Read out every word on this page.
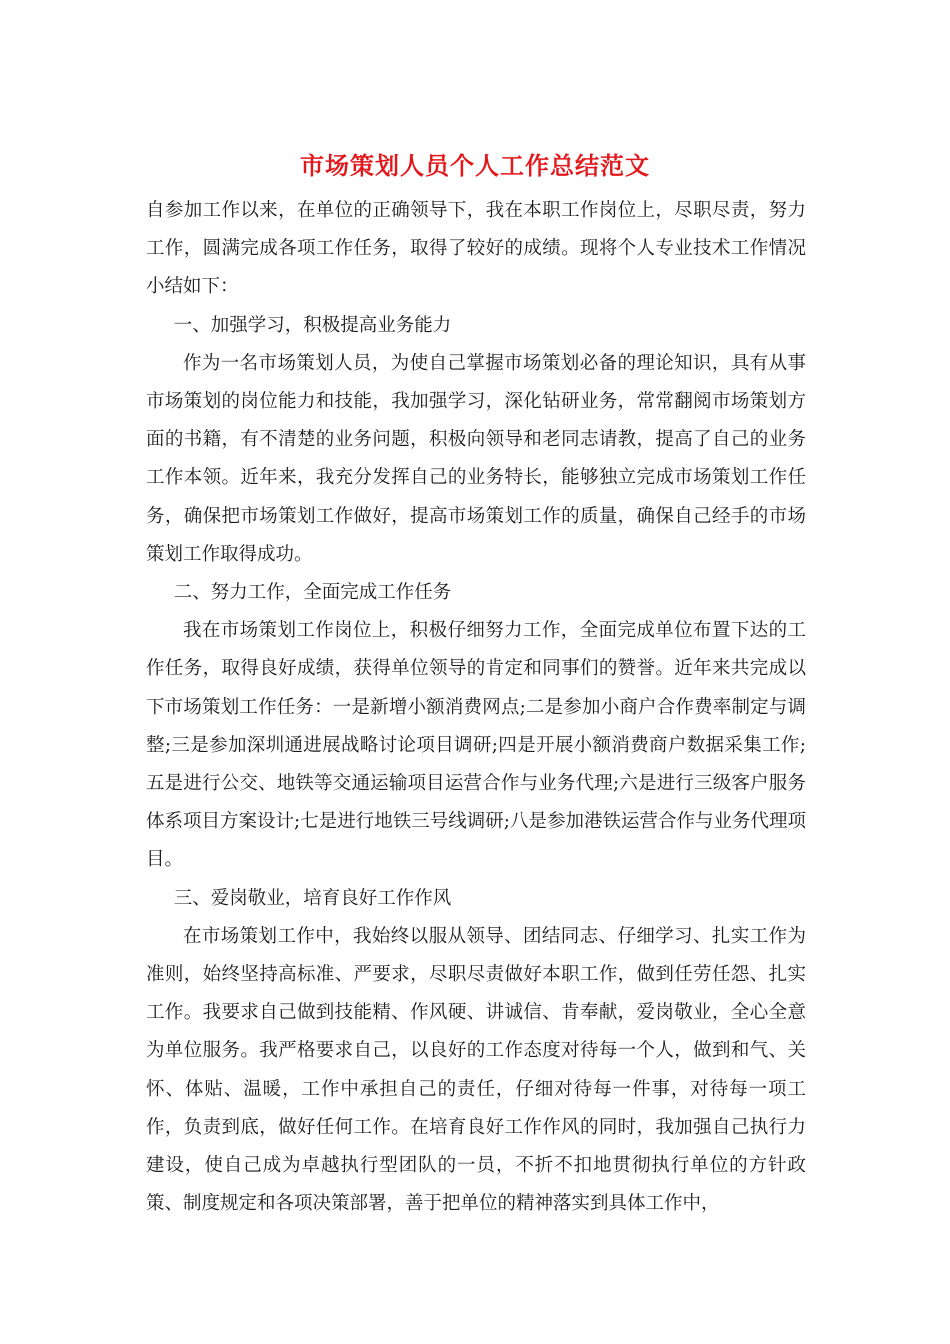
市场策划人员个人工作总结范文

自参加工作以来，在单位的正确领导下，我在本职工作岗位上，尽职尽责，努力工作，圆满完成各项工作任务，取得了较好的成绩。现将个人专业技术工作情况小结如下：

一、加强学习，积极提高业务能力

作为一名市场策划人员，为使自己掌握市场策划必备的理论知识，具有从事市场策划的岗位能力和技能，我加强学习，深化钻研业务，常常翻阅市场策划方面的书籍，有不清楚的业务问题，积极向领导和老同志请教，提高了自己的业务工作本领。近年来，我充分发挥自己的业务特长，能够独立完成市场策划工作任务，确保把市场策划工作做好，提高市场策划工作的质量，确保自己经手的市场策划工作取得成功。

二、努力工作，全面完成工作任务

我在市场策划工作岗位上，积极仔细努力工作，全面完成单位布置下达的工作任务，取得良好成绩，获得单位领导的肯定和同事们的赞誉。近年来共完成以下市场策划工作任务：一是新增小额消费网点;二是参加小商户合作费率制定与调整;三是参加深圳通进展战略讨论项目调研;四是开展小额消费商户数据采集工作;五是进行公交、地铁等交通运输项目运营合作与业务代理;六是进行三级客户服务体系项目方案设计;七是进行地铁三号线调研;八是参加港铁运营合作与业务代理项目。

三、爱岗敬业，培育良好工作作风

在市场策划工作中，我始终以服从领导、团结同志、仔细学习、扎实工作为准则，始终坚持高标准、严要求，尽职尽责做好本职工作，做到任劳任怨、扎实工作。我要求自己做到技能精、作风硬、讲诚信、肯奉献，爱岗敬业，全心全意为单位服务。我严格要求自己，以良好的工作态度对待每一个人，做到和气、关怀、体贴、温暖，工作中承担自己的责任，仔细对待每一件事，对待每一项工作，负责到底，做好任何工作。在培育良好工作作风的同时，我加强自己执行力建设，使自己成为卓越执行型团队的一员，不折不扣地贯彻执行单位的方针政策、制度规定和各项决策部署，善于把单位的精神落实到具体工作中，
